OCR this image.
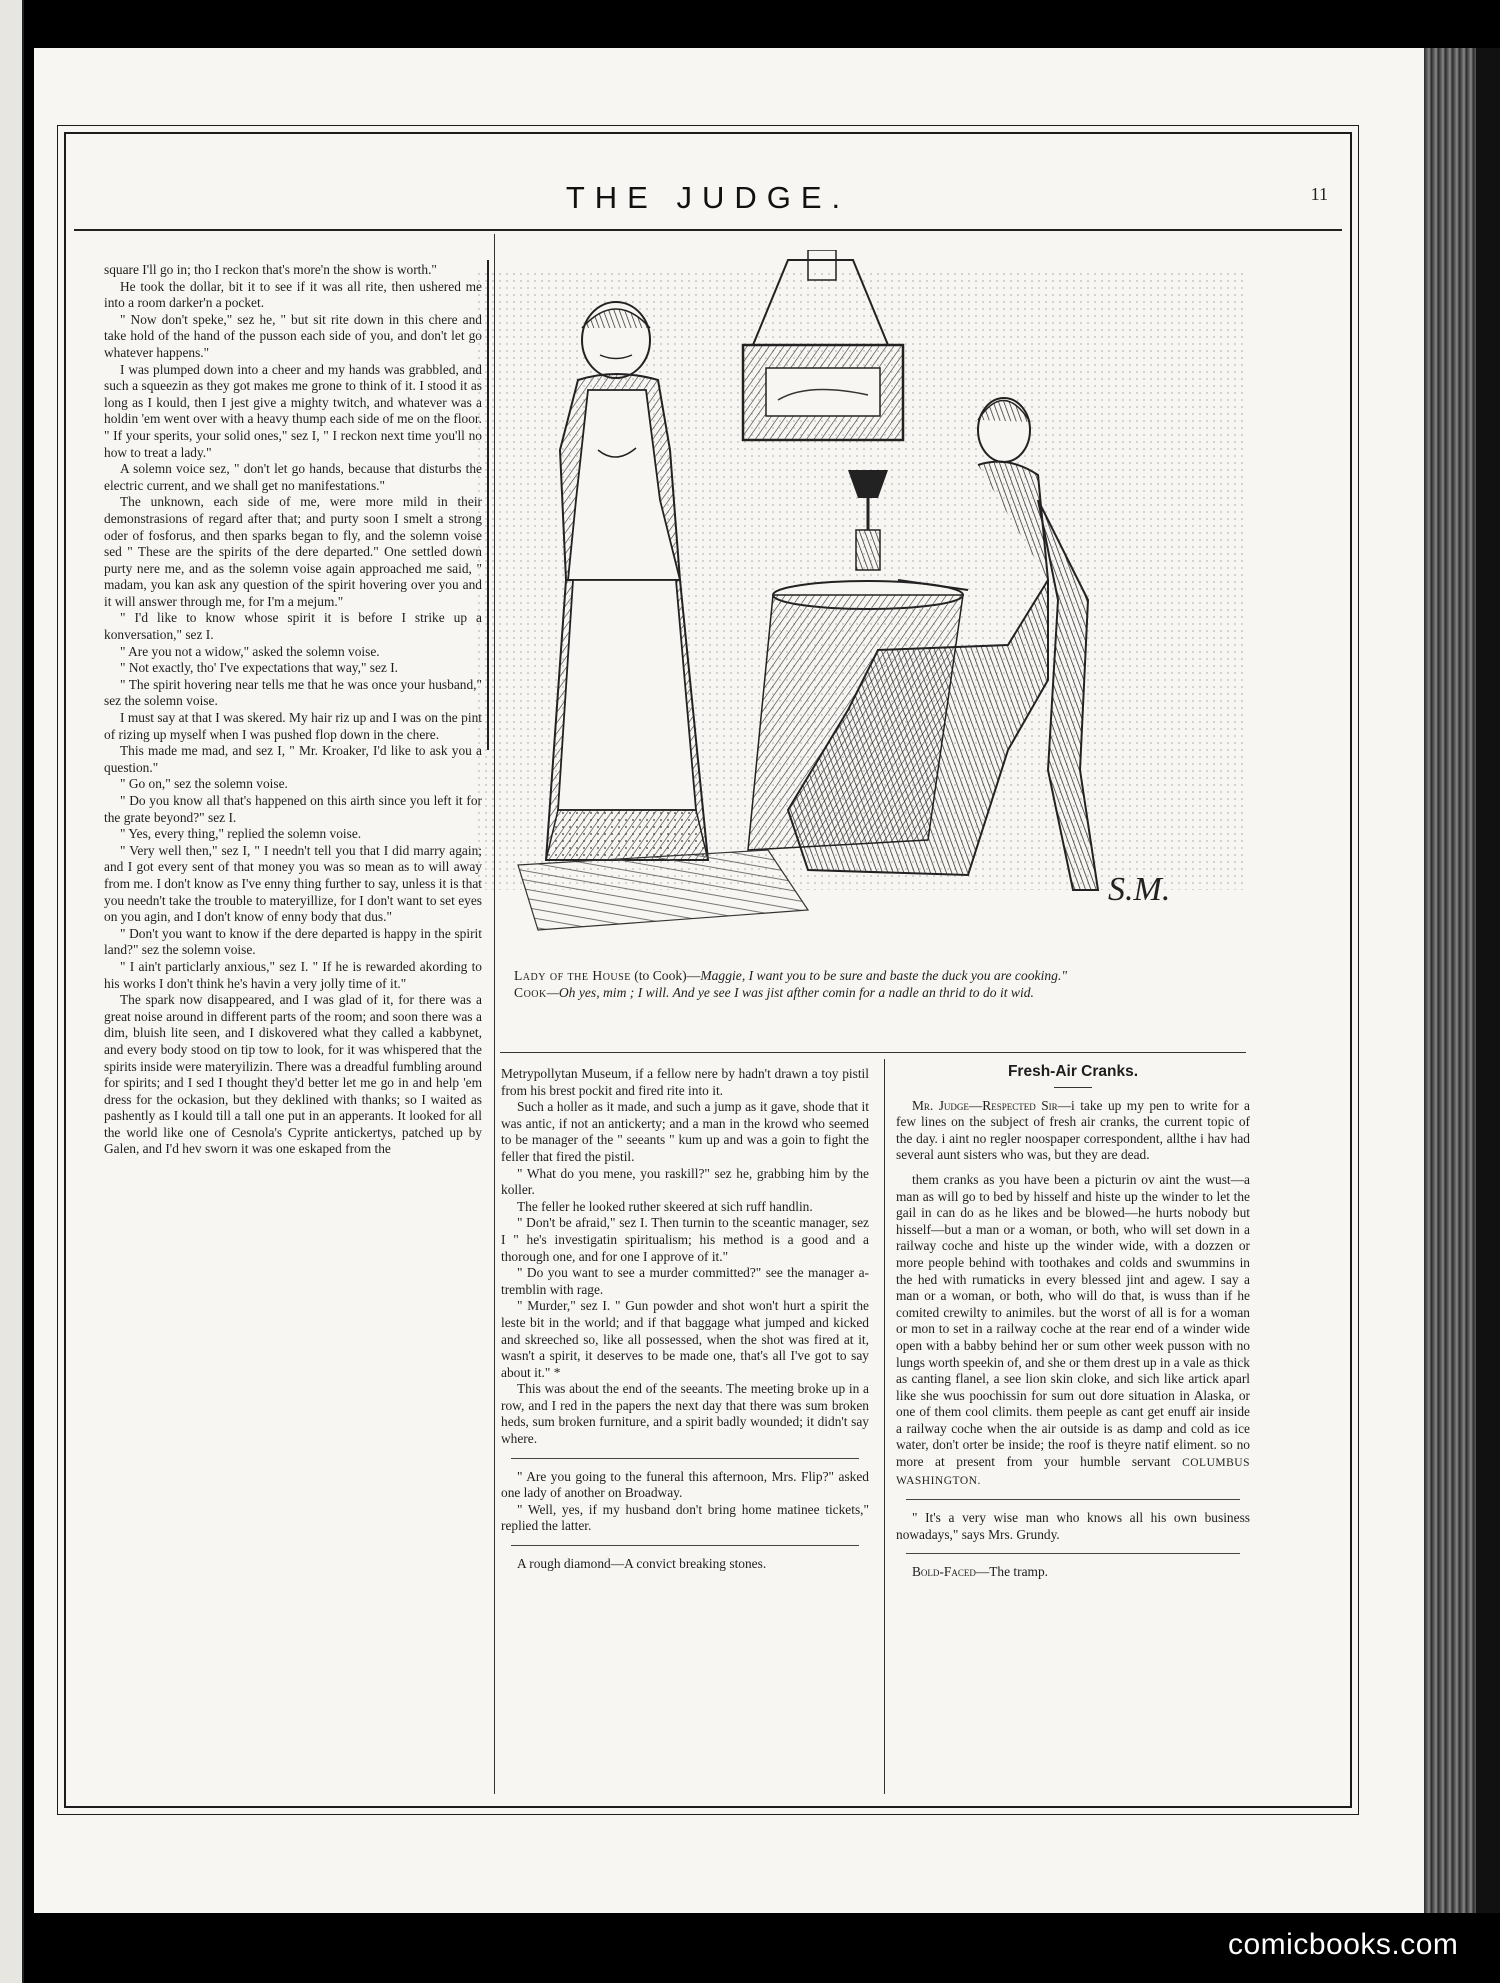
THE JUDGE.	11

square I'll go in; tho I reckon that's more'n the show is worth."

He took the dollar, bit it to see if it was all rite, then ushered me into a room darker'n a pocket.

" Now don't speke," sez he, " but sit rite down in this chere and take hold of the hand of the pusson each side of you, and don't let go whatever happens."

I was plumped down into a cheer and my hands was grabbled, and such a squeezin as they got makes me grone to think of it. I stood it as long as I kould, then I jest give a mighty twitch, and whatever was a holdin 'em went over with a heavy thump each side of me on the floor. " If your sperits, your solid ones," sez I, " I reckon next time you'll no how to treat a lady."

A solemn voice sez, " don't let go hands, because that disturbs the electric current, and we shall get no manifestations."

The unknown, each side of me, were more mild in their demonstrasions of regard after that; and purty soon I smelt a strong oder of fosforus, and then sparks began to fly, and the solemn voise sed " These are the spirits of the dere departed." One settled down purty nere me, and as the solemn voise again approached me said, " madam, you kan ask any question of the spirit hovering over you and it will answer through me, for I'm a mejum."

" I'd like to know whose spirit it is before I strike up a konversation," sez I.

" Are you not a widow," asked the solemn voise.

" Not exactly, tho' I've expectations that way," sez I.

" The spirit hovering near tells me that he was once your husband," sez the solemn voise.

I must say at that I was skered. My hair riz up and I was on the pint of rizing up myself when I was pushed flop down in the chere.

This made me mad, and sez I, " Mr. Kroaker, I'd like to ask you a question."

" Go on," sez the solemn voise.

" Do you know all that's happened on this airth since you left it for the grate beyond?" sez I.

" Yes, every thing," replied the solemn voise.

" Very well then," sez I, " I needn't tell you that I did marry again; and I got every sent of that money you was so mean as to will away from me. I don't know as I've enny thing further to say, unless it is that you needn't take the trouble to materyillize, for I don't want to set eyes on you agin, and I don't know of enny body that dus."

" Don't you want to know if the dere departed is happy in the spirit land?" sez the solemn voise.

" I ain't particlarly anxious," sez I. " If he is rewarded akording to his works I don't think he's havin a very jolly time of it."

The spark now disappeared, and I was glad of it, for there was a great noise around in different parts of the room; and soon there was a dim, bluish lite seen, and I diskovered what they called a kabbynet, and every body stood on tip tow to look, for it was whispered that the spirits inside were materyilizin. There was a dreadful fumbling around for spirits; and I sed I thought they'd better let me go in and help 'em dress for the ockasion, but they deklined with thanks; so I waited as pashently as I kould till a tall one put in an apperants. It looked for all the world like one of Cesnola's Cyprite antickertys, patched up by Galen, and I'd hev sworn it was one eskaped from the

S.M.

Lady of the House (to Cook)—Maggie, I want you to be sure and baste the duck you are cooking."

Cook—Oh yes, mim ; I will. And ye see I was jist afther comin for a nadle an thrid to do it wid.

Metrypollytan Museum, if a fellow nere by hadn't drawn a toy pistil from his brest pockit and fired rite into it.

Such a holler as it made, and such a jump as it gave, shode that it was antic, if not an antickerty; and a man in the krowd who seemed to be manager of the " seeants " kum up and was a goin to fight the feller that fired the pistil.

" What do you mene, you raskill?" sez he, grabbing him by the koller.

The feller he looked ruther skeered at sich ruff handlin.

" Don't be afraid," sez I. Then turnin to the sceantic manager, sez I " he's investigatin spiritualism; his method is a good and a thorough one, and for one I approve of it."

" Do you want to see a murder committed?" see the manager a-tremblin with rage.

" Murder," sez I. " Gun powder and shot won't hurt a spirit the leste bit in the world; and if that baggage what jumped and kicked and skreeched so, like all possessed, when the shot was fired at it, wasn't a spirit, it deserves to be made one, that's all I've got to say about it." *

This was about the end of the seeants. The meeting broke up in a row, and I red in the papers the next day that there was sum broken heds, sum broken furniture, and a spirit badly wounded; it didn't say where.

" Are you going to the funeral this afternoon, Mrs. Flip?" asked one lady of another on Broadway.

" Well, yes, if my husband don't bring home matinee tickets," replied the latter.

A rough diamond—A convict breaking stones.

Fresh-Air Cranks.

Mr. Judge—Respected Sir—i take up my pen to write for a few lines on the subject of fresh air cranks, the current topic of the day. i aint no regler noospaper correspondent, allthe i hav had several aunt sisters who was, but they are dead.

them cranks as you have been a picturin ov aint the wust—a man as will go to bed by hisself and histe up the winder to let the gail in can do as he likes and be blowed—he hurts nobody but hisself—but a man or a woman, or both, who will set down in a railway coche and histe up the winder wide, with a dozzen or more people behind with toothakes and colds and swummins in the hed with rumaticks in every blessed jint and agew. I say a man or a woman, or both, who will do that, is wuss than if he comited crewilty to animiles. but the worst of all is for a woman or mon to set in a railway coche at the rear end of a winder wide open with a babby behind her or sum other week pusson with no lungs worth speekin of, and she or them drest up in a vale as thick as canting flanel, a see lion skin cloke, and sich like artick aparl like she wus poochissin for sum out dore situation in Alaska, or one of them cool climits. them peeple as cant get enuff air inside a railway coche when the air outside is as damp and cold as ice water, don't orter be inside; the roof is theyre natif eliment. so no more at present from your humble servant COLUMBUS WASHINGTON.

" It's a very wise man who knows all his own business nowadays," says Mrs. Grundy.

Bold-Faced—The tramp.

comicbooks.com
